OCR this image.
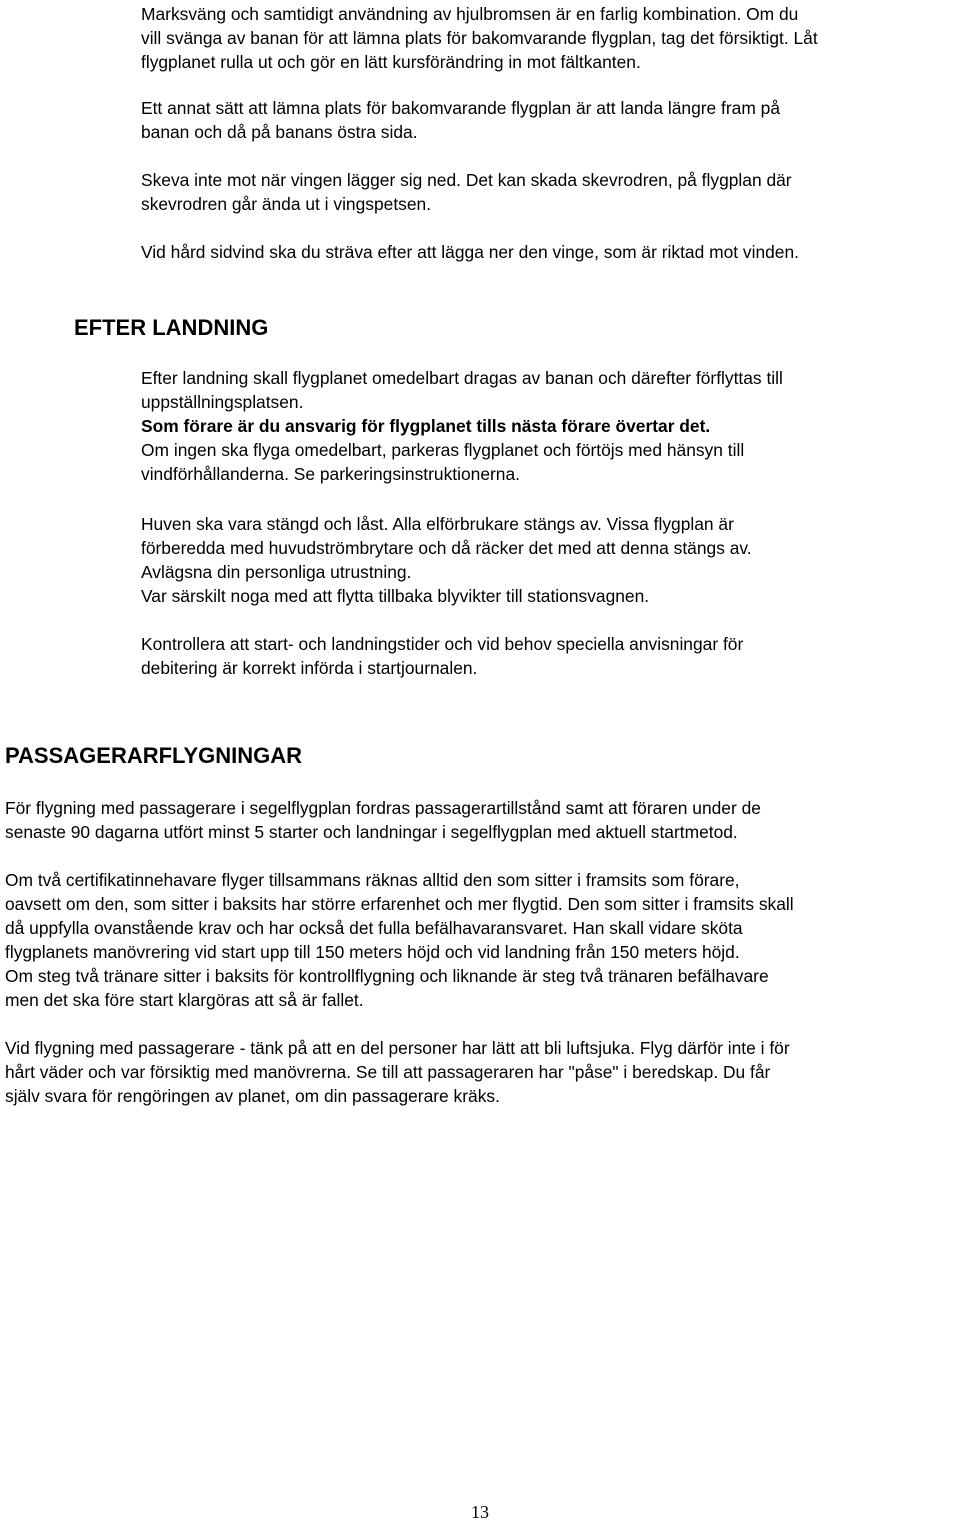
Marksväng och samtidigt användning av hjulbromsen är en farlig kombination. Om du
vill svänga av banan för att lämna plats för bakomvarande flygplan, tag det försiktigt. Låt
flygplanet rulla ut och gör en lätt kursförändring in mot fältkanten.
Ett annat sätt att lämna plats för bakomvarande flygplan är att landa längre fram på
banan och då på banans östra sida.
Skeva inte mot när vingen lägger sig ned. Det kan skada skevrodren, på flygplan där
skevrodren går ända ut i vingspetsen.
Vid hård sidvind ska du sträva efter att lägga ner den vinge, som är riktad mot vinden.
EFTER LANDNING
Efter landning skall flygplanet omedelbart dragas av banan och därefter förflyttas till
uppställningsplatsen.
Som förare är du ansvarig för flygplanet tills nästa förare övertar det.
Om ingen ska flyga omedelbart, parkeras flygplanet och förtöjs med hänsyn till
vindförhållanderna. Se parkeringsinstruktionerna.
Huven ska vara stängd och låst. Alla elförbrukare stängs av. Vissa flygplan är
förberedda med huvudströmbrytare och då räcker det med att denna stängs av.
Avlägsna din personliga utrustning.
Var särskilt noga med att flytta tillbaka blyvikter till stationsvagnen.
Kontrollera att start- och landningstider och vid behov speciella anvisningar för
debitering är korrekt införda i startjournalen.
PASSAGERARFLYGNINGAR
För flygning med passagerare i segelflygplan fordras passagerartillstånd samt att föraren under de
senaste 90 dagarna utfört minst 5 starter och landningar i segelflygplan med aktuell startmetod.
Om två certifikatinnehavare flyger tillsammans räknas alltid den som sitter i framsits som förare,
oavsett om den, som sitter i baksits har större erfarenhet och mer flygtid. Den som sitter i framsits skall
då uppfylla ovanstående krav och har också det fulla befälhavaransvaret. Han skall vidare sköta
flygplanets manövrering vid start upp till 150 meters höjd och vid landning från 150 meters höjd.
Om steg två tränare sitter i baksits för kontrollflygning och liknande är steg två tränaren befälhavare
men det ska före start klargöras att så är fallet.
Vid flygning med passagerare - tänk på att en del personer har lätt att bli luftsjuka. Flyg därför inte i för
hårt väder och var försiktig med manövrerna. Se till att passageraren har "påse" i beredskap. Du får
själv svara för rengöringen av planet, om din passagerare kräks.
13
